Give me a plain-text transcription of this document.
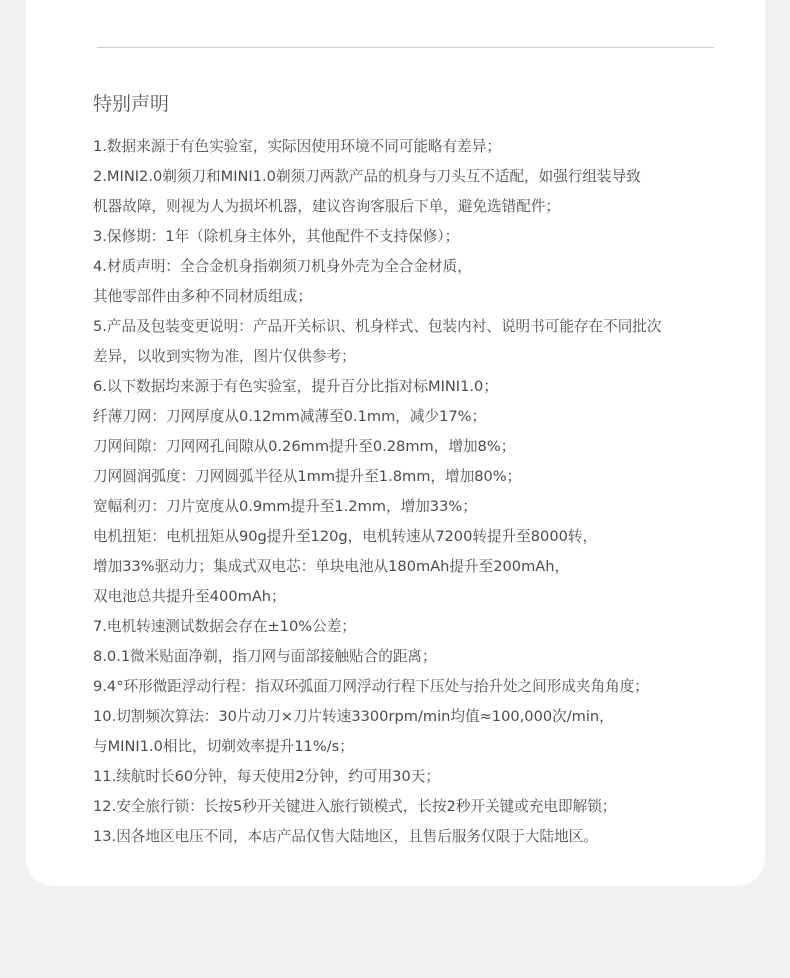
特别声明
1.数据来源于有色实验室，实际因使用环境不同可能略有差异；
2.MINI2.0剃须刀和MINI1.0剃须刀两款产品的机身与刀头互不适配，如强行组装导致
机器故障，则视为人为损坏机器，建议咨询客服后下单，避免选错配件；
3.保修期：1年（除机身主体外，其他配件不支持保修）；
4.材质声明：全合金机身指剃须刀机身外壳为全合金材质，
其他零部件由多种不同材质组成；
5.产品及包装变更说明：产品开关标识、机身样式、包装内衬、说明书可能存在不同批次
差异，以收到实物为准，图片仅供参考；
6.以下数据均来源于有色实验室，提升百分比指对标MINI1.0；
纤薄刀网：刀网厚度从0.12mm减薄至0.1mm，减少17%；
刀网间隙：刀网网孔间隙从0.26mm提升至0.28mm，增加8%；
刀网圆润弧度：刀网圆弧半径从1mm提升至1.8mm，增加80%；
宽幅利刃：刀片宽度从0.9mm提升至1.2mm，增加33%；
电机扭矩：电机扭矩从90g提升至120g，电机转速从7200转提升至8000转，
增加33%驱动力；集成式双电芯：单块电池从180mAh提升至200mAh，
双电池总共提升至400mAh；
7.电机转速测试数据会存在±10%公差；
8.0.1微米贴面净剃，指刀网与面部接触贴合的距离；
9.4°环形微距浮动行程：指双环弧面刀网浮动行程下压处与抬升处之间形成夹角角度；
10.切割频次算法：30片动刀×刀片转速3300rpm/min均值≈100,000次/min，
与MINI1.0相比，切剃效率提升11%/s；
11.续航时长60分钟，每天使用2分钟，约可用30天；
12.安全旅行锁：长按5秒开关键进入旅行锁模式，长按2秒开关键或充电即解锁；
13.因各地区电压不同，本店产品仅售大陆地区，且售后服务仅限于大陆地区。
